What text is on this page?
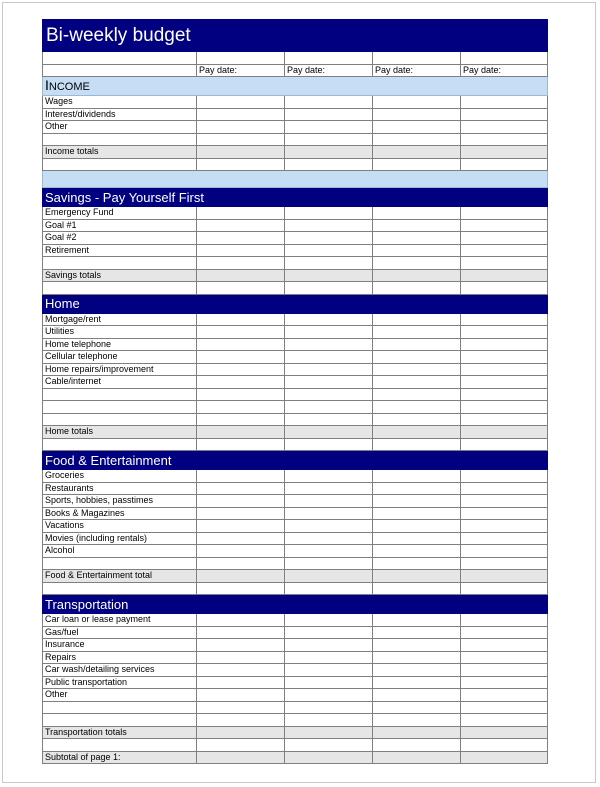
Bi-weekly budget				

	Pay date:	Pay date:	Pay date:	Pay date:
INCOME				
Wages				
Interest/dividends				
Other				

Income totals				

Savings - Pay Yourself First				
Emergency Fund				
Goal #1				
Goal #2				
Retirement				

Savings totals				

Home				
Mortgage/rent				
Utilities				
Home telephone				
Cellular telephone				
Home repairs/improvement				
Cable/internet				

Home totals				

Food & Entertainment				
Groceries				
Restaurants				
Sports, hobbies, passtimes				
Books & Magazines				
Vacations				
Movies (including rentals)				
Alcohol				

Food & Entertainment total				

Transportation				
Car loan or lease payment				
Gas/fuel				
Insurance				
Repairs				
Car wash/detailing services				
Public transportation				
Other				

Transportation totals				

Subtotal of page 1:				
